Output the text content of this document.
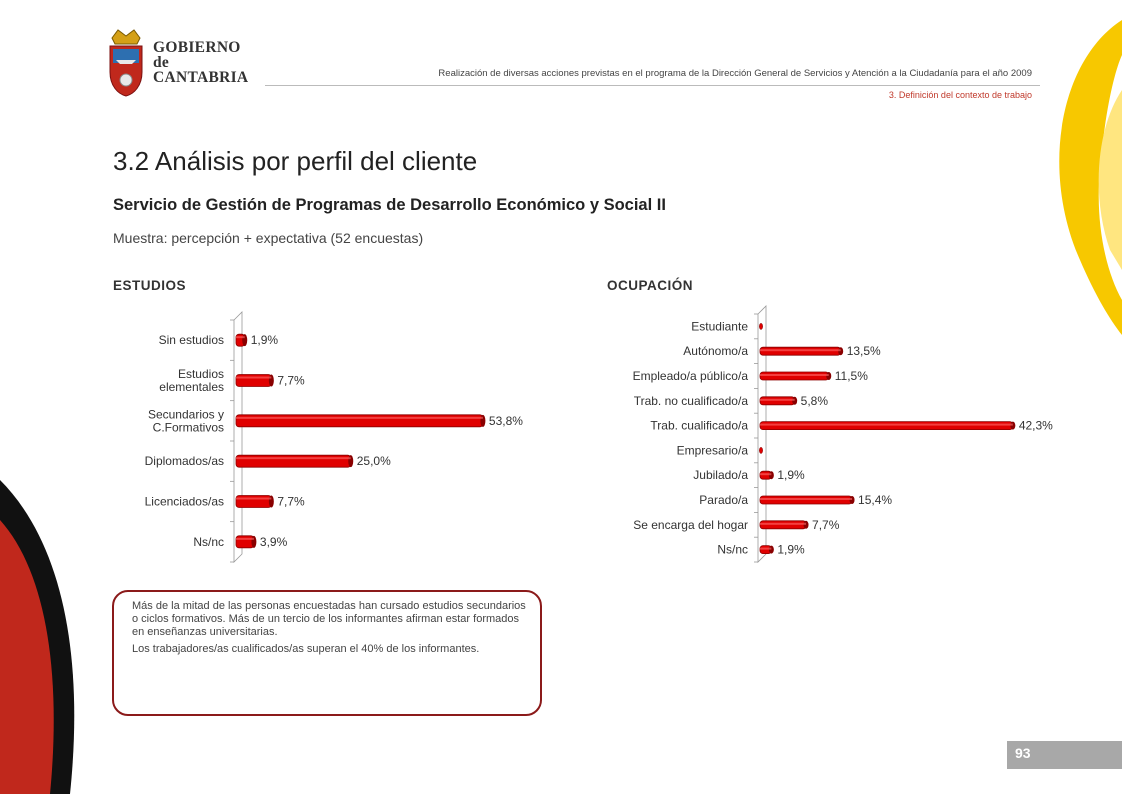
GOBIERNO
de
CANTABRIA	Realización de diversas acciones previstas en el programa de la Dirección General de Servicios y Atención a la Ciudadanía para el año 2009
3. Definición del contexto de trabajo
3.2 Análisis por perfil del cliente
Servicio de Gestión de Programas de Desarrollo Económico y Social II
Muestra: percepción + expectativa (52 encuestas)
ESTUDIOS	OCUPACIÓN
Sin estudios 1,9%
Estudios elementales	7,7%
Secundarios y C.Formativos	53,8%
Diplomados/as	25,0%
Licenciados/as	7,7%
Ns/nc	3,9%
Estudiante
Autónomo/a	13,5%
Empleado/a público/a	11,5%
Trab. no cualificado/a	5,8%
Trab. cualificado/a	42,3%
Empresario/a
Jubilado/a 1,9%
Parado/a	15,4%
Se encarga del hogar	7,7%
Ns/nc 1,9%

Más de la mitad de las personas encuestadas han cursado estudios secundarios o ciclos formativos. Más de un tercio de los informantes afirman estar formados en enseñanzas universitarias.

Los trabajadores/as cualificados/as superan el 40% de los informantes.

93
